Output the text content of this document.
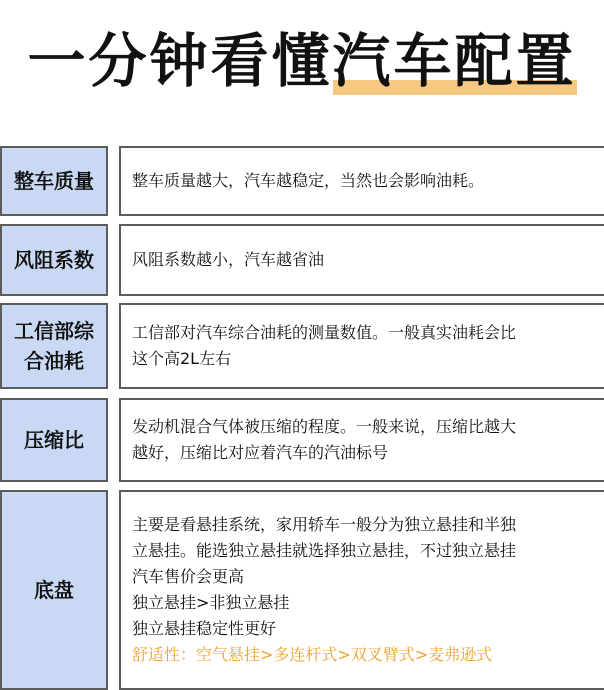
一分钟看懂汽车配置
整车质量 整车质量越大，汽车越稳定，当然也会影响油耗。
风阻系数 风阻系数越小，汽车越省油
工信部综
合油耗
工信部对汽车综合油耗的测量数值。一般真实油耗会比
这个高2L左右
压缩比
发动机混合气体被压缩的程度。一般来说，压缩比越大
越好，压缩比对应着汽车的汽油标号
底盘
主要是看悬挂系统，家用轿车一般分为独立悬挂和半独
立悬挂。能选独立悬挂就选择独立悬挂，不过独立悬挂
汽车售价会更高
独立悬挂>非独立悬挂
独立悬挂稳定性更好
舒适性：空气悬挂>多连杆式>双叉臂式>麦弗逊式
